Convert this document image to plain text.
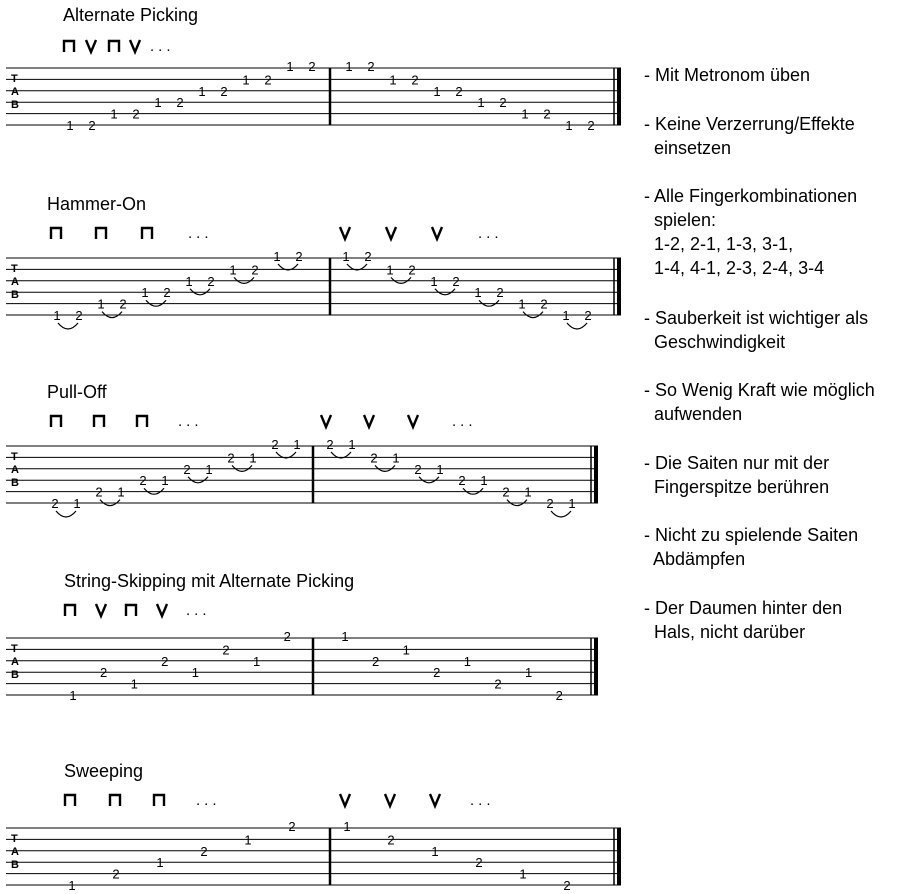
Alternate Picking
...
T
A
B
1 2
1 2
1 2
1 2
1 2
1 2 1 2
1 2
1 2
1 2
1 2
1 2
Hammer-On
...	...
T
A
B
1 2
1 2
1 2
1 2
1 2
1 2	1 2
1 2
1 2
1 2
1 2
1 2
Pull-Off
...	...
T
A
B
2 1
2 1
2 1
2 1
2 1
2 1 2 1
2 1
2 1
2 1
2 1
2 1
String-Skipping mit Alternate Picking
...
T
A
B
1
2
1
2
1
2
1
2	1
2
1
2
1
2
1
2
Sweeping
...	...
T
A
B
1
2
1
2
1
2	1
2
1
2
1
2
- Mit Metronom üben
- Keine Verzerrung/Effekte
einsetzen
- Alle Fingerkombinationen
spielen:
1-2, 2-1, 1-3, 3-1,
1-4, 4-1, 2-3, 2-4, 3-4
- Sauberkeit ist wichtiger als
Geschwindigkeit
- So Wenig Kraft wie möglich
aufwenden
- Die Saiten nur mit der
Fingerspitze berühren
- Nicht zu spielende Saiten
Abdämpfen
- Der Daumen hinter den
Hals, nicht darüber
